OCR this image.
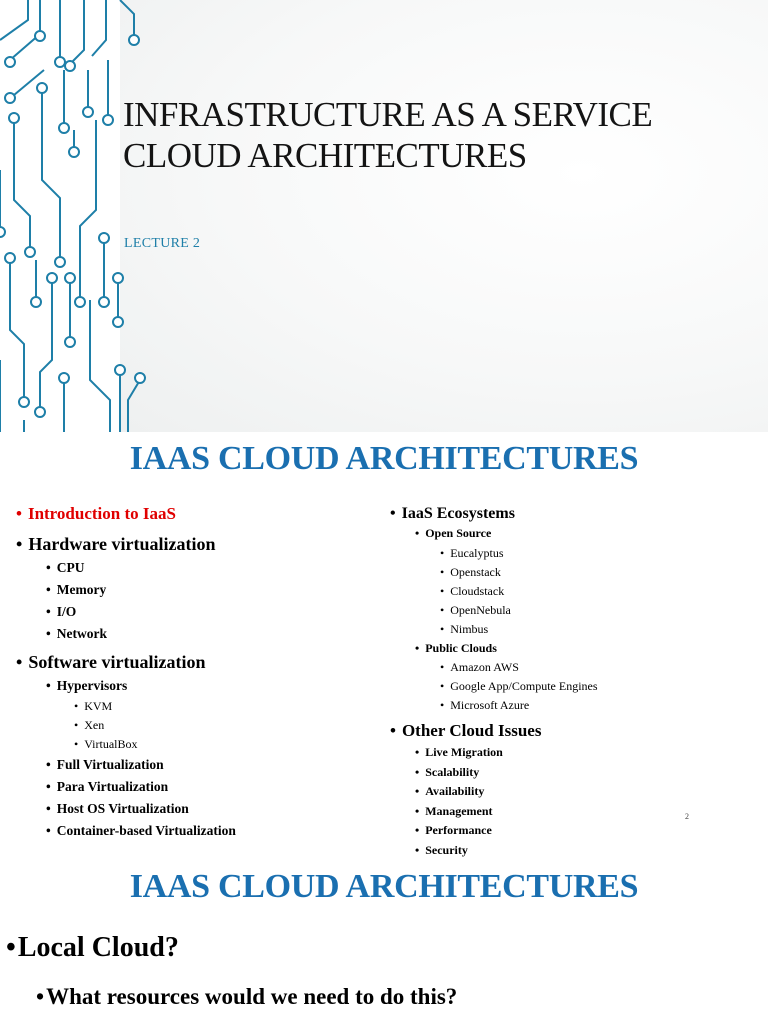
INFRASTRUCTURE AS A SERVICE CLOUD ARCHITECTURES
LECTURE 2
IAAS CLOUD ARCHITECTURES
• Introduction to IaaS
• Hardware virtualization
• CPU
• Memory
• I/O
• Network
• Software virtualization
• Hypervisors
• KVM
• Xen
• VirtualBox
• Full Virtualization
• Para Virtualization
• Host OS Virtualization
• Container-based Virtualization
• IaaS Ecosystems
• Open Source
• Eucalyptus
• Openstack
• Cloudstack
• OpenNebula
• Nimbus
• Public Clouds
• Amazon AWS
• Google App/Compute Engines
• Microsoft Azure
• Other Cloud Issues
• Live Migration
• Scalability
• Availability
• Management
• Performance
• Security
2
IAAS CLOUD ARCHITECTURES
•Local Cloud?
•What resources would we need to do this?
